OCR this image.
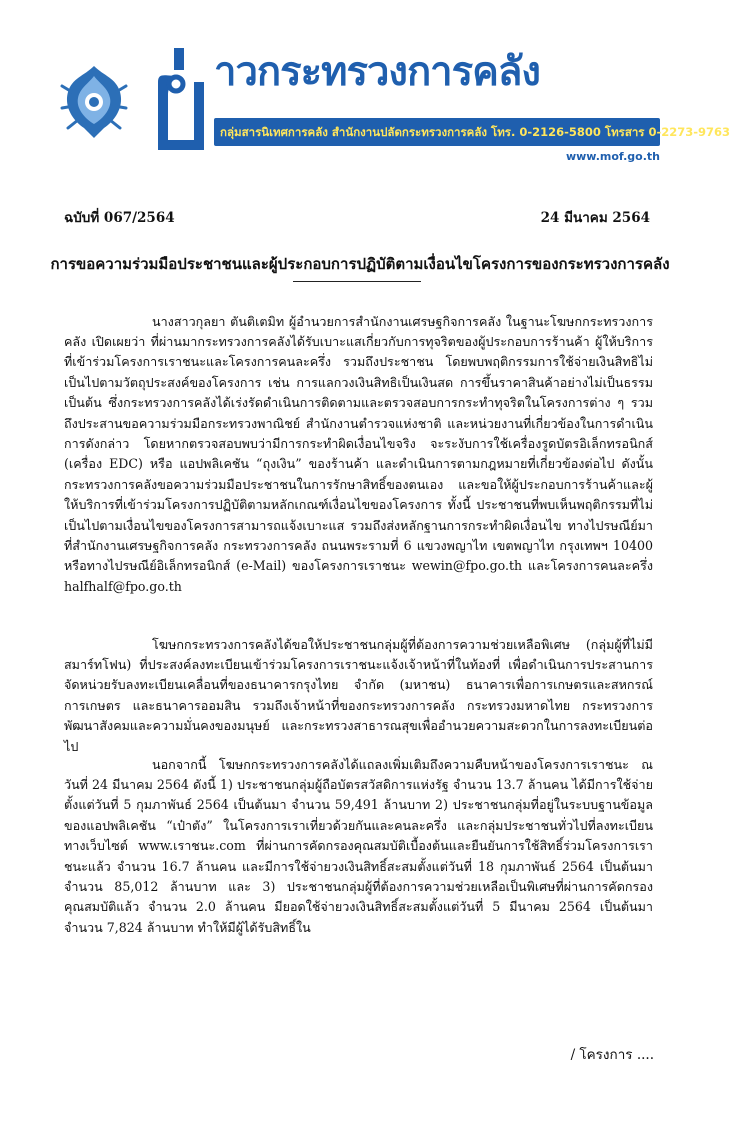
าวกระทรวงการคลัง
กลุ่มสารนิเทศการคลัง สำนักงานปลัดกระทรวงการคลัง โทร. 0-2126-5800 โทรสาร 0-2273-9763
www.mof.go.th
ฉบับที่ 067/2564	24 มีนาคม 2564
การขอความร่วมมือประชาชนและผู้ประกอบการปฏิบัติตามเงื่อนไขโครงการของกระทรวงการคลัง

นางสาวกุลยา ตันติเตมิท ผู้อำนวยการสำนักงานเศรษฐกิจการคลัง ในฐานะโฆษกกระทรวงการคลัง เปิดเผยว่า ที่ผ่านมากระทรวงการคลังได้รับเบาะแสเกี่ยวกับการทุจริตของผู้ประกอบการร้านค้า ผู้ให้บริการที่เข้าร่วมโครงการเราชนะและโครงการคนละครึ่ง รวมถึงประชาชน โดยพบพฤติกรรมการใช้จ่ายเงินสิทธิไม่เป็นไปตามวัตถุประสงค์ของโครงการ เช่น การแลกวงเงินสิทธิเป็นเงินสด การขึ้นราคาสินค้าอย่างไม่เป็นธรรม เป็นต้น ซึ่งกระทรวงการคลังได้เร่งรัดดำเนินการติดตามและตรวจสอบการกระทำทุจริตในโครงการต่าง ๆ รวมถึงประสานขอความร่วมมือกระทรวงพาณิชย์ สำนักงานตำรวจแห่งชาติ และหน่วยงานที่เกี่ยวข้องในการดำเนินการดังกล่าว โดยหากตรวจสอบพบว่ามีการกระทำผิดเงื่อนไขจริง จะระงับการใช้เครื่องรูดบัตรอิเล็กทรอนิกส์ (เครื่อง EDC) หรือ แอปพลิเคชัน “ถุงเงิน” ของร้านค้า และดำเนินการตามกฎหมายที่เกี่ยวข้องต่อไป ดังนั้น กระทรวงการคลังขอความร่วมมือประชาชนในการรักษาสิทธิ์ของตนเอง และขอให้ผู้ประกอบการร้านค้าและผู้ให้บริการที่เข้าร่วมโครงการปฏิบัติตามหลักเกณฑ์เงื่อนไขของโครงการ ทั้งนี้ ประชาชนที่พบเห็นพฤติกรรมที่ไม่เป็นไปตามเงื่อนไขของโครงการสามารถแจ้งเบาะแส รวมถึงส่งหลักฐานการกระทำผิดเงื่อนไข ทางไปรษณีย์มาที่สำนักงานเศรษฐกิจการคลัง กระทรวงการคลัง ถนนพระรามที่ 6 แขวงพญาไท เขตพญาไท กรุงเทพฯ 10400 หรือทางไปรษณีย์อิเล็กทรอนิกส์ (e-Mail) ของโครงการเราชนะ wewin@fpo.go.th และโครงการคนละครึ่ง halfhalf@fpo.go.th

โฆษกกระทรวงการคลังได้ขอให้ประชาชนกลุ่มผู้ที่ต้องการความช่วยเหลือพิเศษ (กลุ่มผู้ที่ไม่มีสมาร์ทโฟน) ที่ประสงค์ลงทะเบียนเข้าร่วมโครงการเราชนะแจ้งเจ้าหน้าที่ในท้องที่ เพื่อดำเนินการประสานการจัดหน่วยรับลงทะเบียนเคลื่อนที่ของธนาคารกรุงไทย จำกัด (มหาชน) ธนาคารเพื่อการเกษตรและสหกรณ์การเกษตร และธนาคารออมสิน รวมถึงเจ้าหน้าที่ของกระทรวงการคลัง กระทรวงมหาดไทย กระทรวงการพัฒนาสังคมและความมั่นคงของมนุษย์ และกระทรวงสาธารณสุขเพื่ออำนวยความสะดวกในการลงทะเบียนต่อไป

นอกจากนี้ โฆษกกระทรวงการคลังได้แถลงเพิ่มเติมถึงความคืบหน้าของโครงการเราชนะ ณ วันที่ 24 มีนาคม 2564 ดังนี้ 1) ประชาชนกลุ่มผู้ถือบัตรสวัสดิการแห่งรัฐ จำนวน 13.7 ล้านคน ได้มีการใช้จ่ายตั้งแต่วันที่ 5 กุมภาพันธ์ 2564 เป็นต้นมา จำนวน 59,491 ล้านบาท 2) ประชาชนกลุ่มที่อยู่ในระบบฐานข้อมูลของแอปพลิเคชัน “เป๋าตัง” ในโครงการเราเที่ยวด้วยกันและคนละครึ่ง และกลุ่มประชาชนทั่วไปที่ลงทะเบียนทางเว็บไซต์ www.เราชนะ.com ที่ผ่านการคัดกรองคุณสมบัติเบื้องต้นและยืนยันการใช้สิทธิ์ร่วมโครงการเราชนะแล้ว จำนวน 16.7 ล้านคน และมีการใช้จ่ายวงเงินสิทธิ์สะสมตั้งแต่วันที่ 18 กุมภาพันธ์ 2564 เป็นต้นมา จำนวน 85,012 ล้านบาท และ 3) ประชาชนกลุ่มผู้ที่ต้องการความช่วยเหลือเป็นพิเศษที่ผ่านการคัดกรองคุณสมบัติแล้ว จำนวน 2.0 ล้านคน มียอดใช้จ่ายวงเงินสิทธิ์สะสมตั้งแต่วันที่ 5 มีนาคม 2564 เป็นต้นมา จำนวน 7,824 ล้านบาท ทำให้มีผู้ได้รับสิทธิ์ใน

/ โครงการ ....
